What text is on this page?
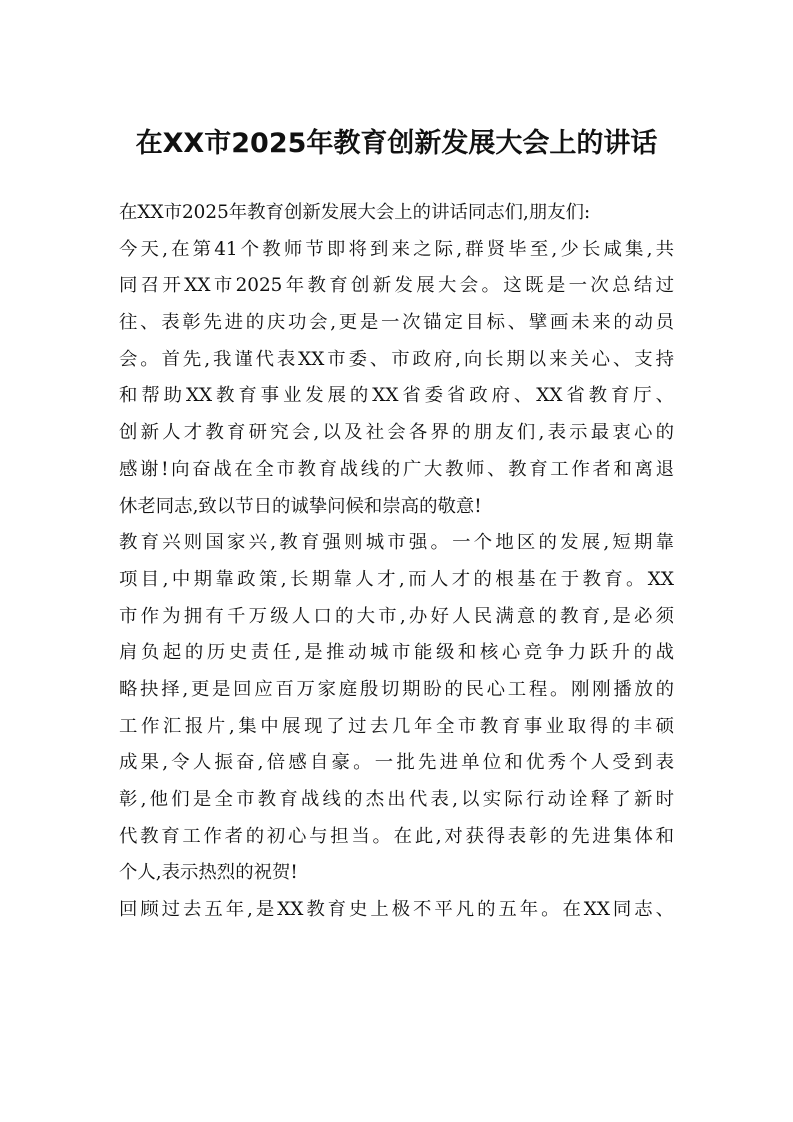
在XX市2025年教育创新发展大会上的讲话
在XX市2025年教育创新发展大会上的讲话同志们,朋友们:
今天,在第41个教师节即将到来之际,群贤毕至,少长咸集,共
同召开XX市2025年教育创新发展大会。这既是一次总结过
往、表彰先进的庆功会,更是一次锚定目标、擘画未来的动员
会。首先,我谨代表XX市委、市政府,向长期以来关心、支持
和帮助XX教育事业发展的XX省委省政府、XX省教育厅、
创新人才教育研究会,以及社会各界的朋友们,表示最衷心的
感谢!向奋战在全市教育战线的广大教师、教育工作者和离退
休老同志,致以节日的诚挚问候和崇高的敬意!
教育兴则国家兴,教育强则城市强。一个地区的发展,短期靠
项目,中期靠政策,长期靠人才,而人才的根基在于教育。XX
市作为拥有千万级人口的大市,办好人民满意的教育,是必须
肩负起的历史责任,是推动城市能级和核心竞争力跃升的战
略抉择,更是回应百万家庭殷切期盼的民心工程。刚刚播放的
工作汇报片,集中展现了过去几年全市教育事业取得的丰硕
成果,令人振奋,倍感自豪。一批先进单位和优秀个人受到表
彰,他们是全市教育战线的杰出代表,以实际行动诠释了新时
代教育工作者的初心与担当。在此,对获得表彰的先进集体和
个人,表示热烈的祝贺!
回顾过去五年,是XX教育史上极不平凡的五年。在XX同志、
